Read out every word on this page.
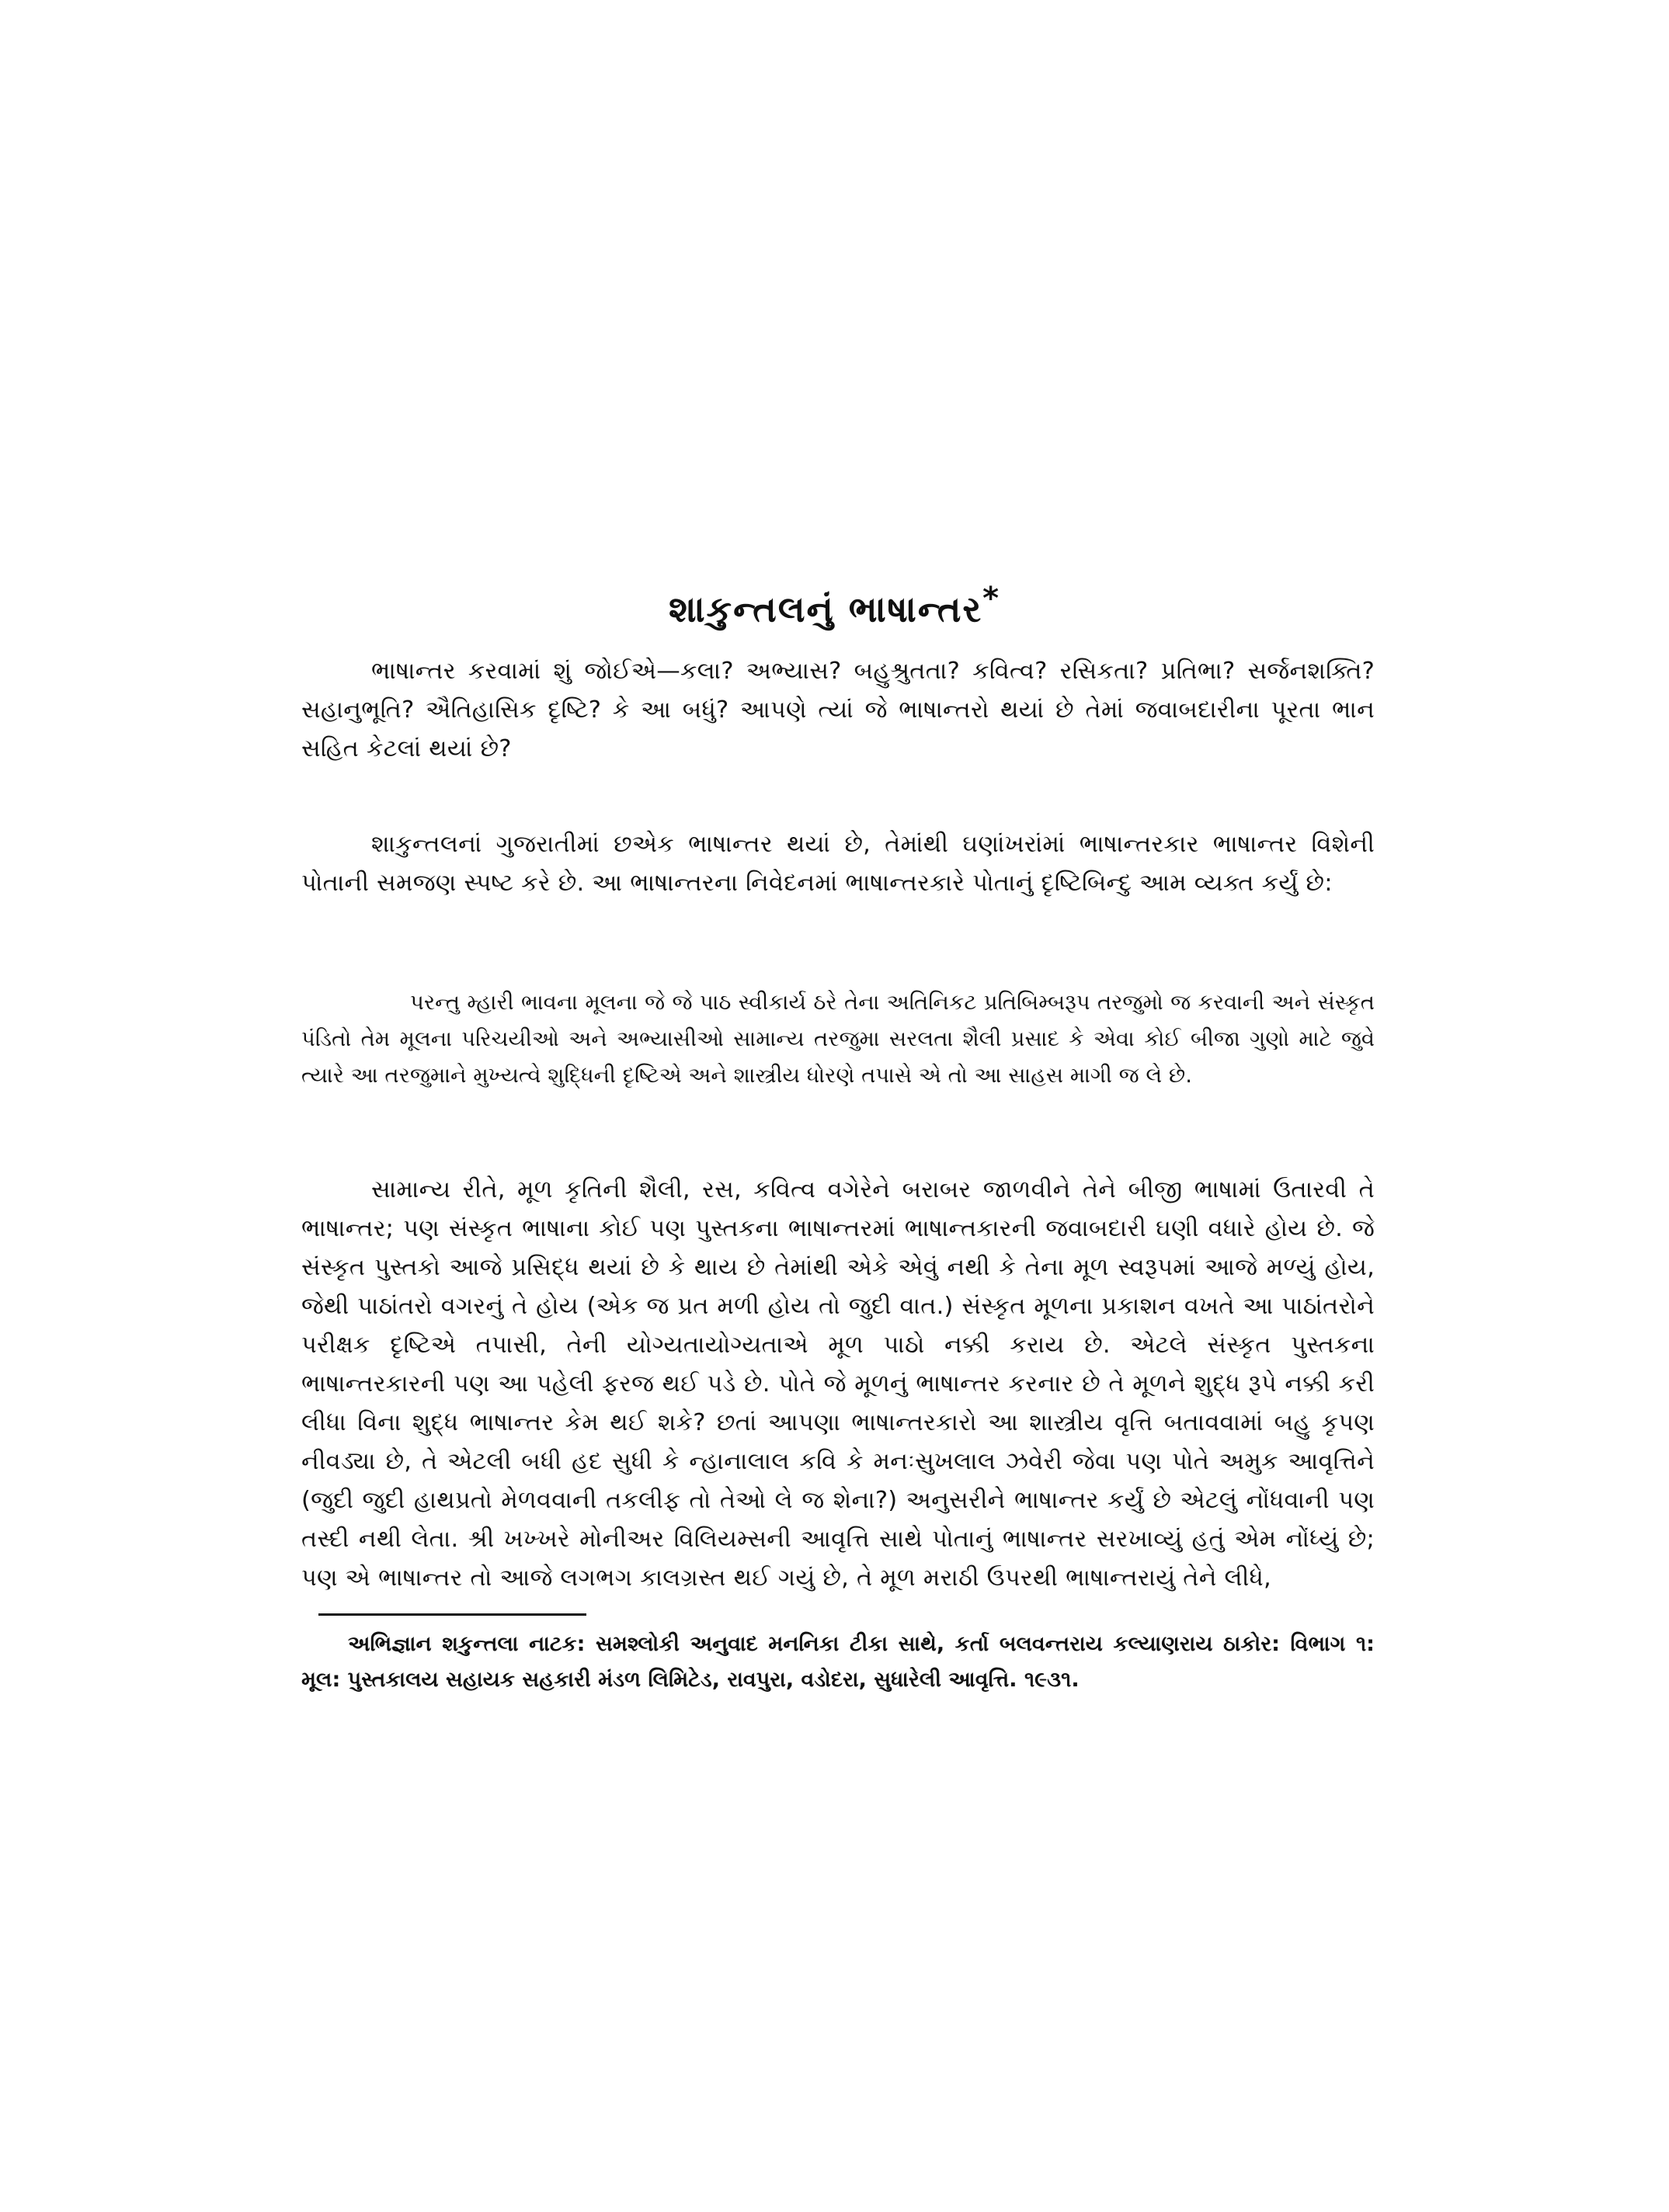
શાકુન્તલનું ભાષાન્તર*
ભાષાન્તર કરવામાં શું જોઈએ—કલા? અભ્યાસ? બહુશ્રુતતા? કવિત્વ? રસિકતા? પ્રતિભા? સર્જનશક્તિ? સહાનુભૂતિ? ઐતિહાસિક દૃષ્ટિ? કે આ બધું? આપણે ત્યાં જે ભાષાન્તરો થયાં છે તેમાં જવાબદારીના પૂરતા ભાન સહિત કેટલાં થયાં છે?
શાકુન્તલનાં ગુજરાતીમાં છએક ભાષાન્તર થયાં છે, તેમાંથી ઘણાંખરાંમાં ભાષાન્તરકાર ભાષાન્તર વિશેની પોતાની સમજણ સ્પષ્ટ કરે છે. આ ભાષાન્તરના નિવેદનમાં ભાષાન્તરકારે પોતાનું દૃષ્ટિબિન્દુ આમ વ્યક્ત કર્યું છે:
પરન્તુ મ્હારી ભાવના મૂલના જે જે પાઠ સ્વીકાર્ય ઠરે તેના અતિનિકટ પ્રતિબિમ્બરૂપ તરજુમો જ કરવાની અને સંસ્કૃત પંડિતો તેમ મૂલના પરિચયીઓ અને અભ્યાસીઓ સામાન્ય તરજુમા સરલતા શૈલી પ્રસાદ કે એવા કોઈ બીજા ગુણો માટે જુવે ત્યારે આ તરજુમાને મુખ્યત્વે શુદ્ધિની દૃષ્ટિએ અને શાસ્ત્રીય ધોરણે તપાસે એ તો આ સાહસ માગી જ લે છે.
સામાન્ય રીતે, મૂળ કૃતિની શૈલી, રસ, કવિત્વ વગેરેને બરાબર જાળવીને તેને બીજી ભાષામાં ઉતારવી તે ભાષાન્તર; પણ સંસ્કૃત ભાષાના કોઈ પણ પુસ્તકના ભાષાન્તરમાં ભાષાન્તકારની જવાબદારી ઘણી વધારે હોય છે. જે સંસ્કૃત પુસ્તકો આજે પ્રસિદ્ધ થયાં છે કે થાય છે તેમાંથી એકે એવું નથી કે તેના મૂળ સ્વરૂપમાં આજે મળ્યું હોય, જેથી પાઠાંતરો વગરનું તે હોય (એક જ પ્રત મળી હોય તો જુદી વાત.) સંસ્કૃત મૂળના પ્રકાશન વખતે આ પાઠાંતરોને પરીક્ષક દૃષ્ટિએ તપાસી, તેની યોગ્યતાયોગ્યતાએ મૂળ પાઠો નક્કી કરાય છે. એટલે સંસ્કૃત પુસ્તકના ભાષાન્તરકારની પણ આ પહેલી ફરજ થઈ પડે છે. પોતે જે મૂળનું ભાષાન્તર કરનાર છે તે મૂળને શુદ્ધ રૂપે નક્કી કરી લીધા વિના શુદ્ધ ભાષાન્તર કેમ થઈ શકે? છતાં આપણા ભાષાન્તરકારો આ શાસ્ત્રીય વૃત્તિ બતાવવામાં બહુ કૃપણ નીવડ્યા છે, તે એટલી બધી હદ સુધી કે ન્હાનાલાલ કવિ કે મનઃસુખલાલ ઝવેરી જેવા પણ પોતે અમુક આવૃત્તિને (જુદી જુદી હાથપ્રતો મેળવવાની તકલીફ તો તેઓ લે જ શેના?) અનુસરીને ભાષાન્તર કર્યું છે એટલું નોંધવાની પણ તસ્દી નથી લેતા. શ્રી ખખ્ખરે મોનીઅર વિલિયમ્સની આવૃત્તિ સાથે પોતાનું ભાષાન્તર સરખાવ્યું હતું એમ નોંધ્યું છે; પણ એ ભાષાન્તર તો આજે લગભગ કાલગ્રસ્ત થઈ ગયું છે, તે મૂળ મરાઠી ઉપરથી ભાષાન્તરાયું તેને લીધે,
અભિજ્ઞાન શકુન્તલા નાટક: સમશ્લોકી અનુવાદ મનનિકા ટીકા સાથે, કર્તા બલવન્તરાય કલ્યાણરાય ઠાકોર: વિભાગ ૧: મૂલ: પુસ્તકાલય સહાયક સહકારી મંડળ લિમિટેડ, રાવપુરા, વડોદરા, સુધારેલી આવૃત્તિ. ૧૯૩૧.
